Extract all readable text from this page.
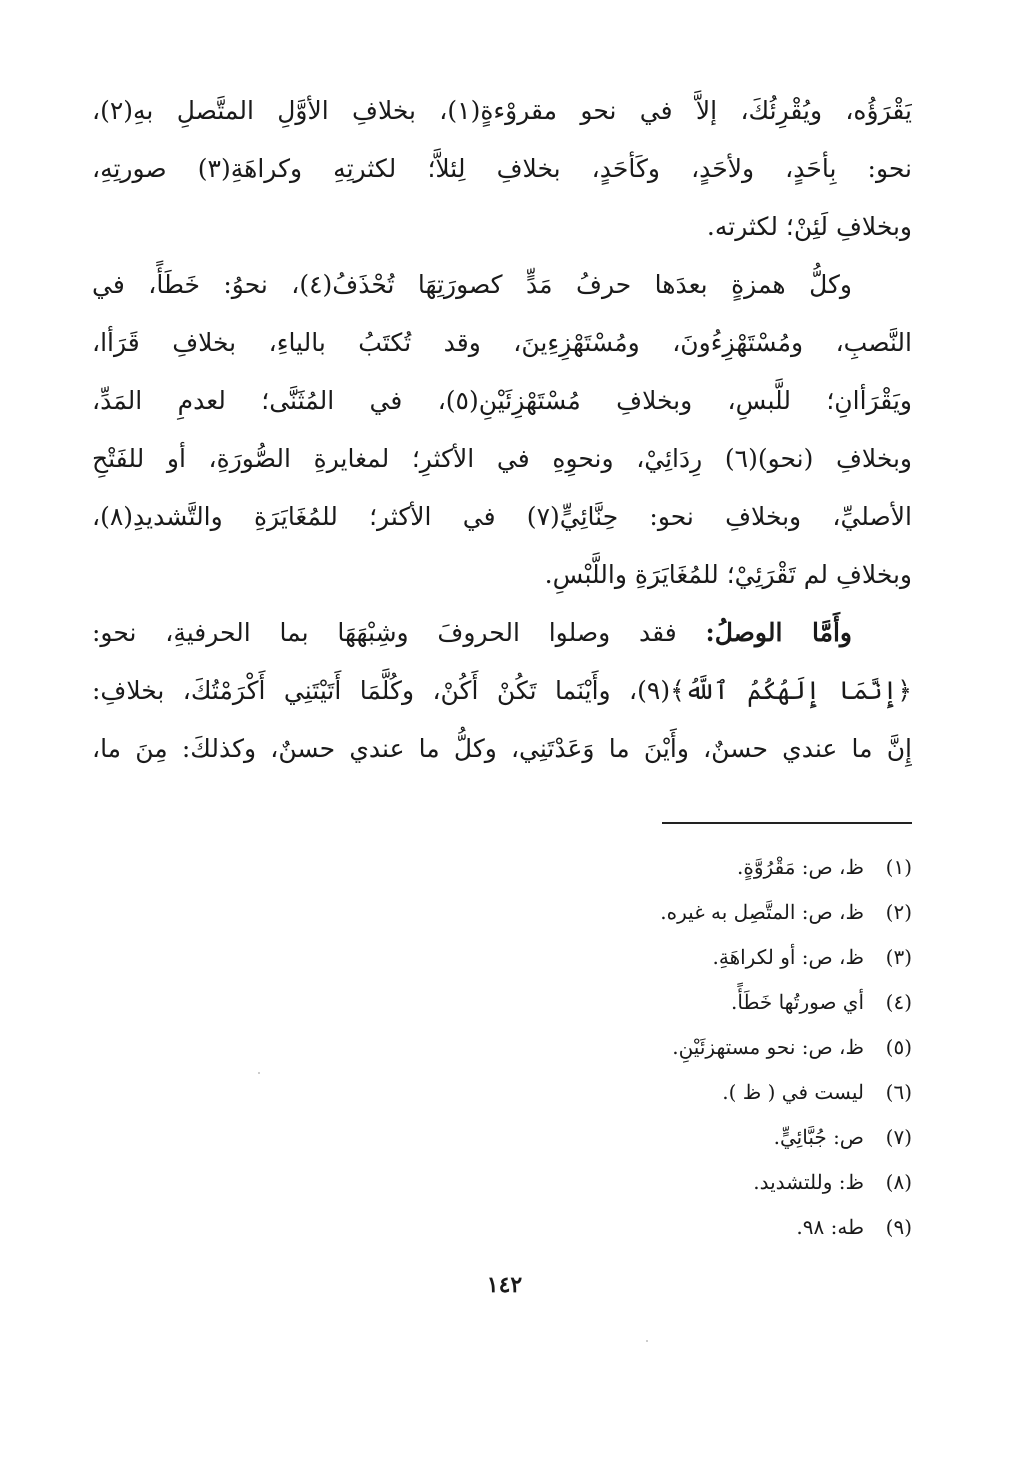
يَقْرَؤُه، ويُقْرِئُكَ، إلاَّ في نحو مقروْءةٍ(١)، بخلافِ الأوَّلِ المتَّصلِ بهِ(٢)،
نحو: بِأحَدٍ، ولأحَدٍ، وكَأحَدٍ، بخلافِ لِئلاَّ؛ لكثرتِهِ وكراهَةِ(٣) صورتِهِ،
وبخلافِ لَئِنْ؛ لكثرته.
وكلُّ همزةٍ بعدَها حرفُ مَدٍّ كصورَتِهَا تُحْذَفُ(٤)، نحوُ: خَطَأً، في
النَّصبِ، ومُسْتَهْزِءُونَ، ومُسْتَهْزِءِينَ، وقد تُكتَبُ بالياءِ، بخلافِ قَرَأا،
ويَقْرَأانِ؛ للَّبسِ، وبخلافِ مُسْتَهْزِئَيْنِ(٥)، في المُثَنَّى؛ لعدمِ المَدِّ،
وبخلافِ (نحو)(٦) رِدَائِيْ، ونحوِهِ في الأكثرِ؛ لمغايرةِ الصُّورَةِ، أو للفَتْحِ
الأصليِّ، وبخلافِ نحو: حِنَّائِيٍّ(٧) في الأكثر؛ للمُغَايَرَةِ والتَّشديدِ(٨)،
وبخلافِ لم تَقْرَئِيْ؛ للمُغَايَرَةِ واللَّبْسِ.
وأَمَّا الوصلُ: فقد وصلوا الحروفَ وشِبْهَهَا بما الحرفيةِ، نحو:
﴿إِنَّمَا إِلَهُكُمُ ٱللَّهُ﴾(٩)، وأَيْنَما تَكُنْ أَكُنْ، وكُلَّمَا أَتَيْتَنِي أَكْرَمْتُكَ، بخلافِ:
إِنَّ ما عندي حسنٌ، وأَيْنَ ما وَعَدْتَنِي، وكلُّ ما عندي حسنٌ، وكذلكَ: مِنَ ما،
(١)ظ، ص: مَقْرُوَّةٍ.
(٢)ظ، ص: المتَّصِل به غيره.
(٣)ظ، ص: أو لكراهَةِ.
(٤)أي صورتُها خَطَأً.
(٥)ظ، ص: نحو مستهزئَيْنِ.
(٦)ليست في ( ظ ).
(٧)ص: جُبَّائِيٍّ.
(٨)ظ: وللتشديد.
(٩)طه: ٩٨.
١٤٢
